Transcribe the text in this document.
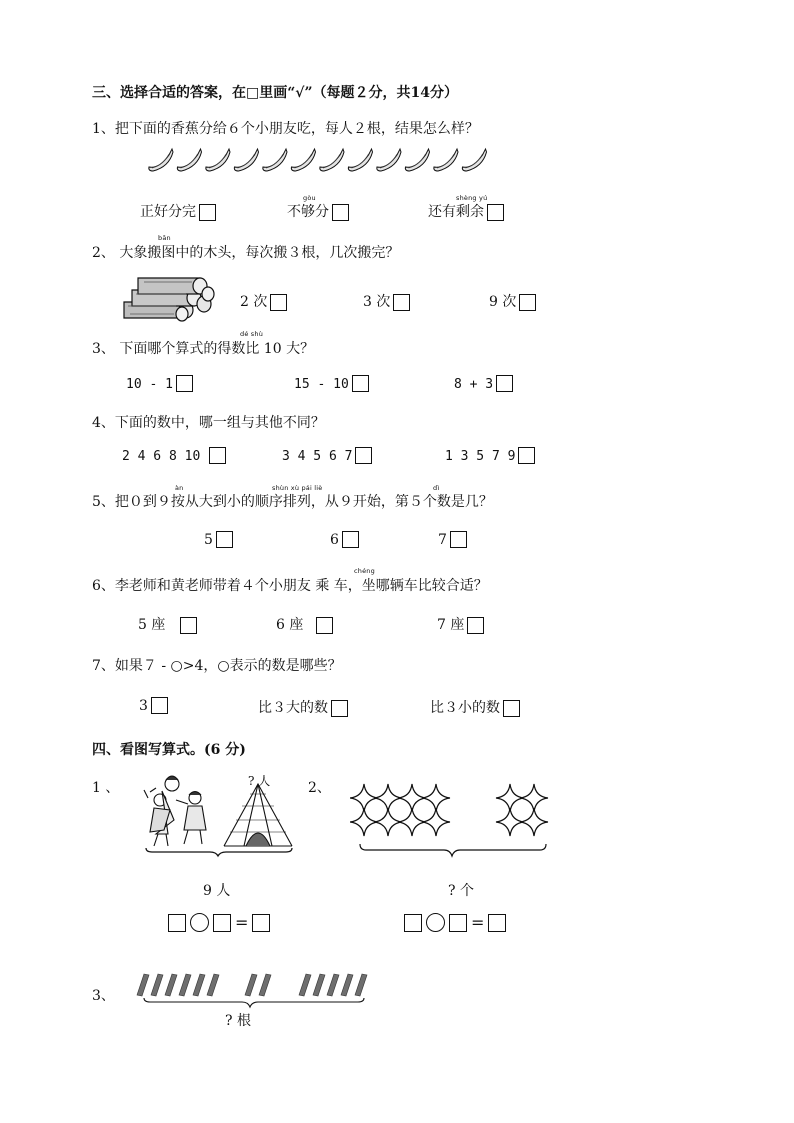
三、选择合适的答案，在□里画“√”（每题２分，共14分）
1、把下面的香蕉分给６个小朋友吃，每人２根，结果怎么样？
正好分完
gòu
不够分
shèng yú
还有剩余
bān
2、 大象搬图中的木头，每次搬３根，几次搬完？
2 次	3 次	9 次
dé shù
3、 下面哪个算式的得数比 10 大？
10 - 1	15 - 10	8 + 3
4、下面的数中，哪一组与其他不同？
2 4 6 8 10	3 4 5 6 7	1 3 5 7 9
àn	shùn xù pái liè	dì
5、把０到９按从大到小的顺序排列，从９开始，第５个数是几？
5	6	7
chéng
6、李老师和黄老师带着４个小朋友 乘 车，坐哪辆车比较合适？
5 座	6 座	7 座
7、如果７ - ○>4，○表示的数是哪些？
3	比３大的数	比３小的数
四、看图写算式。(6 分)
1 、	? 人
9 人
=
2、
? 个
=
3、
? 根
